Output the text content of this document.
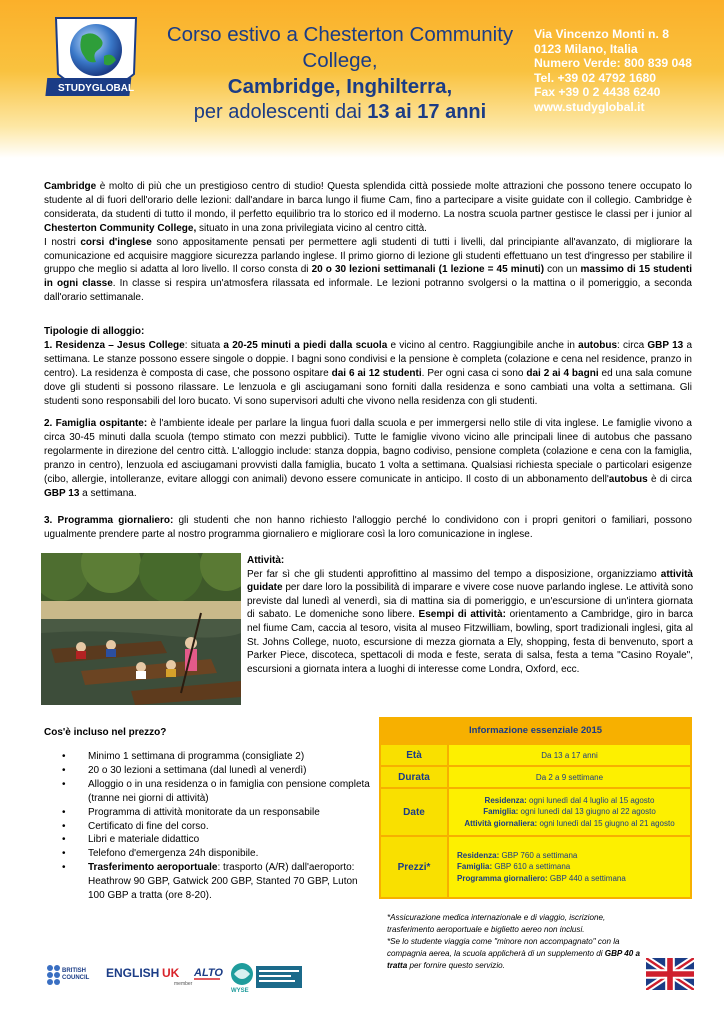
STUDYGLOBAL
Corso estivo a Chesterton Community College,
Cambridge, Inghilterra,
per adolescenti dai 13 ai 17 anni
Via Vincenzo Monti n. 8
0123 Milano, Italia
Numero Verde: 800 839 048
Tel. +39 02 4792 1680
Fax +39 0 2 4438 6240
www.studyglobal.it

Cambridge è molto di più che un prestigioso centro di studio! Questa splendida città possiede molte attrazioni che possono tenere occupato lo studente al di fuori dell'orario delle lezioni: dall'andare in barca lungo il fiume Cam, fino a partecipare a visite guidate con il collegio. Cambridge è considerata, da studenti di tutto il mondo, il perfetto equilibrio tra lo storico ed il moderno. La nostra scuola partner gestisce le classi per i junior al Chesterton Community College, situato in una zona privilegiata vicino al centro città.

I nostri corsi d'inglese sono appositamente pensati per permettere agli studenti di tutti i livelli, dal principiante all'avanzato, di migliorare la comunicazione ed acquisire maggiore sicurezza parlando inglese. Il primo giorno di lezione gli studenti effettuano un test d'ingresso per stabilire il gruppo che meglio si adatta al loro livello. Il corso consta di 20 o 30 lezioni settimanali (1 lezione = 45 minuti) con un massimo di 15 studenti in ogni classe. In classe si respira un'atmosfera rilassata ed informale. Le lezioni potranno svolgersi o la mattina o il pomeriggio, a seconda dall'orario settimanale.

Tipologie di alloggio:

1. Residenza – Jesus College: situata a 20-25 minuti a piedi dalla scuola e vicino al centro. Raggiungibile anche in autobus: circa GBP 13 a settimana. Le stanze possono essere singole o doppie. I bagni sono condivisi e la pensione è completa (colazione e cena nel residence, pranzo in centro). La residenza è composta di case, che possono ospitare dai 6 ai 12 studenti. Per ogni casa ci sono dai 2 ai 4 bagni ed una sala comune dove gli studenti si possono rilassare. Le lenzuola e gli asciugamani sono forniti dalla residenza e sono cambiati una volta a settimana. Gli studenti sono responsabili del loro bucato. Vi sono supervisori adulti che vivono nella residenza con gli studenti.

2. Famiglia ospitante: è l'ambiente ideale per parlare la lingua fuori dalla scuola e per immergersi nello stile di vita inglese. Le famiglie vivono a circa 30-45 minuti dalla scuola (tempo stimato con mezzi pubblici). Tutte le famiglie vivono vicino alle principali linee di autobus che passano regolarmente in direzione del centro città. L'alloggio include: stanza doppia, bagno codiviso, pensione completa (colazione e cena con la famiglia, pranzo in centro), lenzuola ed asciugamani provvisti dalla famiglia, bucato 1 volta a settimana. Qualsiasi richiesta speciale o particolari esigenze (cibo, allergie, intolleranze, evitare alloggi con animali) devono essere comunicate in anticipo. Il costo di un abbonamento dell'autobus è di circa GBP 13 a settimana.

3. Programma giornaliero: gli studenti che non hanno richiesto l'alloggio perché lo condividono con i propri genitori o familiari, possono ugualmente prendere parte al nostro programma giornaliero e migliorare così la loro comunicazione in inglese.

Attività:

Per far sì che gli studenti approfittino al massimo del tempo a disposizione, organizziamo attività guidate per dare loro la possibilità di imparare e vivere cose nuove parlando inglese. Le attività sono previste dal lunedì al venerdì, sia di mattina sia di pomeriggio, e un'escursione di un'intera giornata di sabato. Le domeniche sono libere. Esempi di attività: orientamento a Cambridge, giro in barca nel fiume Cam, caccia al tesoro, visita al museo Fitzwilliam, bowling, sport tradizionali inglesi, gita al St. Johns College, nuoto, escursione di mezza giornata a Ely, shopping, festa di benvenuto, sport a Parker Piece, discoteca, spettacoli di moda e feste, serata di salsa, festa a tema "Casino Royale", escursioni a giornata intera a luoghi di interesse come Londra, Oxford, ecc.

Cos'è incluso nel prezzo?
• Minimo 1 settimana di programma (consigliate 2)
• 20 o 30 lezioni a settimana (dal lunedì al venerdì)
• Alloggio o in una residenza o in famiglia con pensione completa (tranne nei giorni di attività)
• Programma di attività monitorate da un responsabile
• Certificato di fine del corso.
• Libri e materiale didattico
• Telefono d'emergenza 24h disponibile.
• Trasferimento aeroportuale: trasporto (A/R) dall'aeroporto: Heathrow 90 GBP, Gatwick 200 GBP, Stanted 70 GBP, Luton 100 GBP a tratta (ore 8-20).
Informazione essenziale 2015
Età	Da 13 a 17 anni
Durata	Da 2 a 9 settimane
Date
Residenza: ogni lunedì dal 4 luglio al 15 agosto
Famiglia: ogni lunedì dal 13 giugno al 22 agosto
Attività giornaliera: ogni lunedì dal 15 giugno al 21 agosto
Prezzi*
Residenza: GBP 760 a settimana
Famiglia: GBP 610 a settimana
Programma giornaliero: GBP 440 a settimana

*Assicurazione medica internazionale e di viaggio, iscrizione, trasferimento aeroportuale e biglietto aereo non inclusi.

*Se lo studente viaggia come "minore non accompagnato" con la compagnia aerea, la scuola applicherà di un supplemento di GBP 40 a tratta per fornire questo servizio.

BRITISH
COUNCIL ENGLISH UK
member
ALTO
WYSE
